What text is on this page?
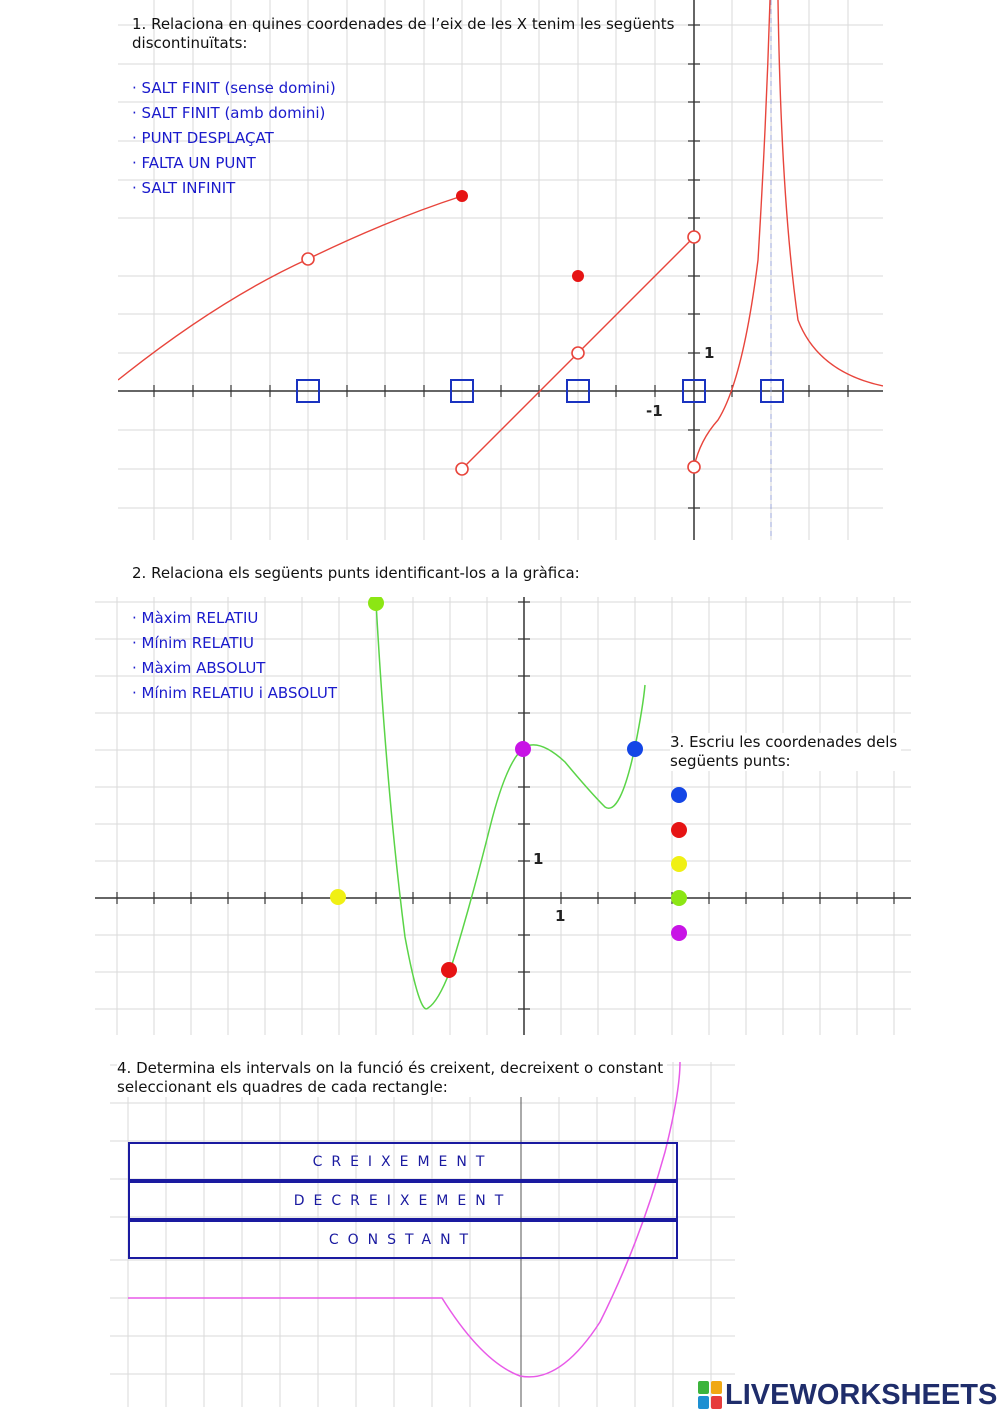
1. Relaciona en quines coordenades de l’eix de les X tenim les següents
discontinuïtats:
· SALT FINIT (sense domini)
· SALT FINIT (amb domini)
· PUNT DESPLAÇAT
· FALTA UN PUNT
· SALT INFINIT
1
-1
2. Relaciona els següents punts identificant-los a la gràfica:
· Màxim RELATIU
· Mínim RELATIU
· Màxim ABSOLUT
· Mínim RELATIU i ABSOLUT
1
1
3. Escriu les coordenades dels
següents punts:
4. Determina els intervals on la funció és creixent, decreixent o constant
seleccionant els quadres de cada rectangle:
CREIXEMENT
DECREIXEMENT
CONSTANT
LIVEWORKSHEETS
